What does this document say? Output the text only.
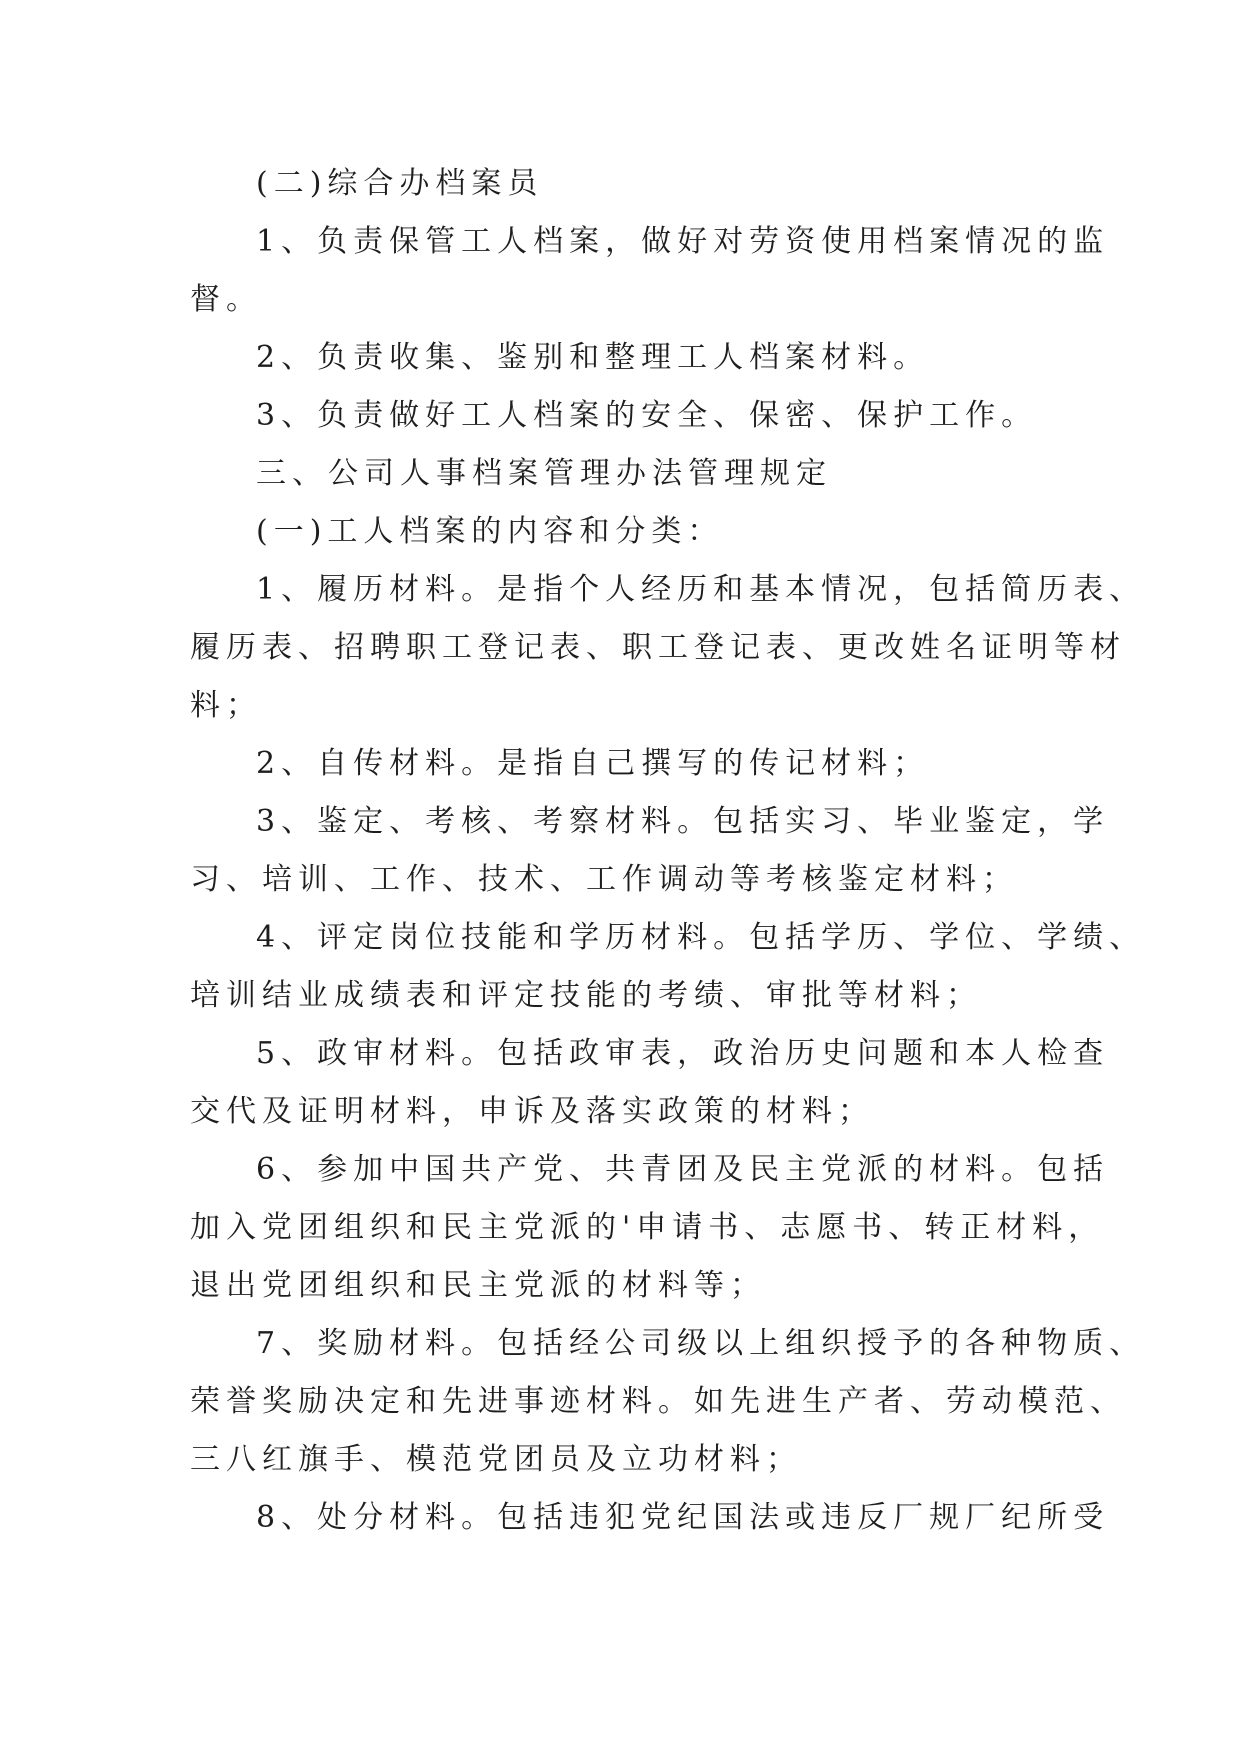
(二)综合办档案员
1、负责保管工人档案，做好对劳资使用档案情况的监
督。
2、负责收集、鉴别和整理工人档案材料。
3、负责做好工人档案的安全、保密、保护工作。
三、公司人事档案管理办法管理规定
(一)工人档案的内容和分类：
1、履历材料。是指个人经历和基本情况，包括简历表、
履历表、招聘职工登记表、职工登记表、更改姓名证明等材
料；
2、自传材料。是指自己撰写的传记材料；
3、鉴定、考核、考察材料。包括实习、毕业鉴定，学
习、培训、工作、技术、工作调动等考核鉴定材料；
4、评定岗位技能和学历材料。包括学历、学位、学绩、
培训结业成绩表和评定技能的考绩、审批等材料；
5、政审材料。包括政审表，政治历史问题和本人检查
交代及证明材料，申诉及落实政策的材料；
6、参加中国共产党、共青团及民主党派的材料。包括
加入党团组织和民主党派的'申请书、志愿书、转正材料，
退出党团组织和民主党派的材料等；
7、奖励材料。包括经公司级以上组织授予的各种物质、
荣誉奖励决定和先进事迹材料。如先进生产者、劳动模范、
三八红旗手、模范党团员及立功材料；
8、处分材料。包括违犯党纪国法或违反厂规厂纪所受
